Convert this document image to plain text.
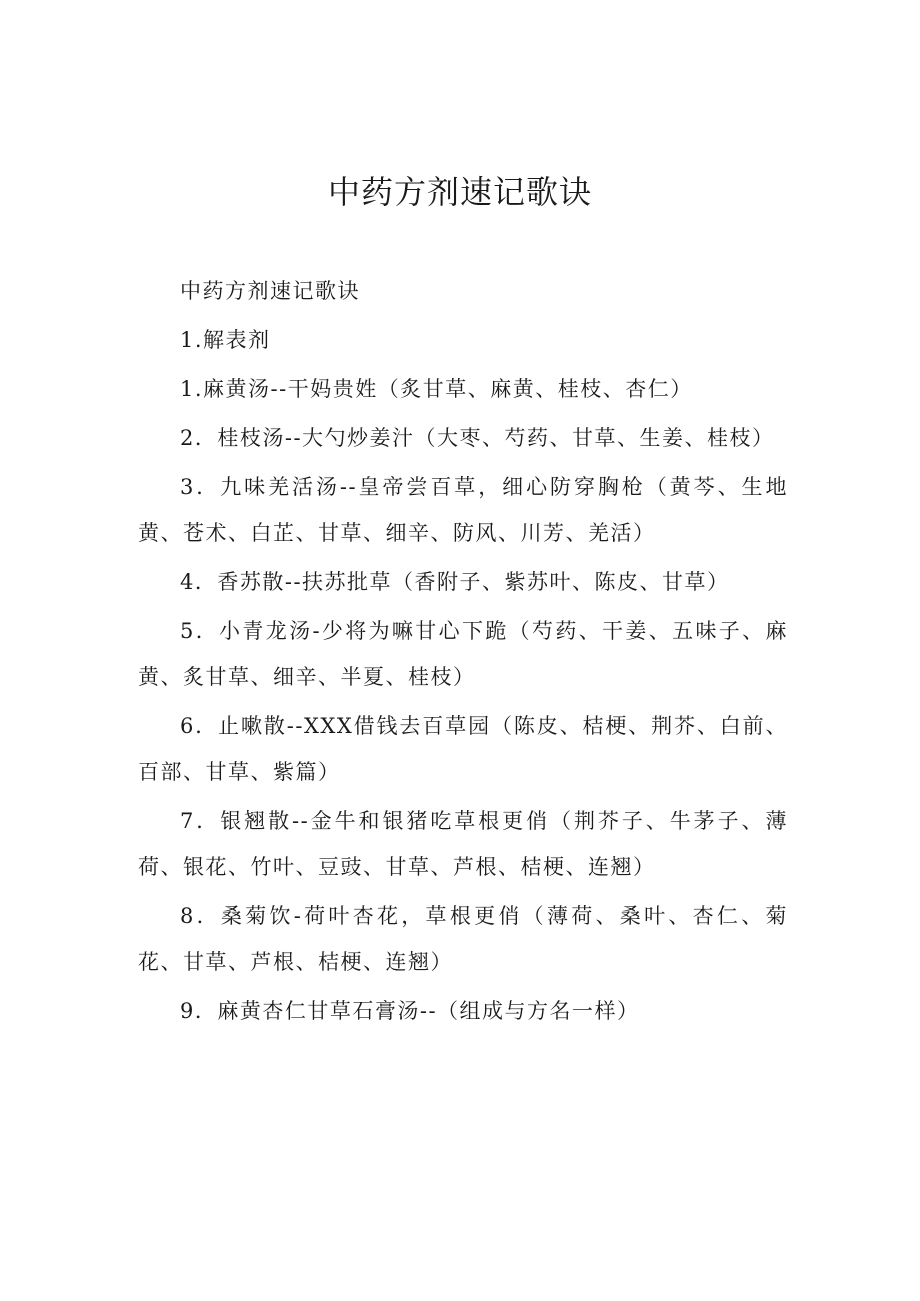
中药方剂速记歌诀

中药方剂速记歌诀

1.解表剂

1.麻黄汤--干妈贵姓（炙甘草、麻黄、桂枝、杏仁）

2．桂枝汤--大勺炒姜汁（大枣、芍药、甘草、生姜、桂枝）

3．九味羌活汤--皇帝尝百草，细心防穿胸枪（黄芩、生地黄、苍术、白芷、甘草、细辛、防风、川芳、羌活）

4．香苏散--扶苏批草（香附子、紫苏叶、陈皮、甘草）

5．小青龙汤-少将为嘛甘心下跪（芍药、干姜、五味子、麻黄、炙甘草、细辛、半夏、桂枝）

6．止嗽散--XXX借钱去百草园（陈皮、桔梗、荆芥、白前、百部、甘草、紫篇）

7．银翘散--金牛和银猪吃草根更俏（荆芥子、牛茅子、薄荷、银花、竹叶、豆豉、甘草、芦根、桔梗、连翘）

8．桑菊饮-荷叶杏花，草根更俏（薄荷、桑叶、杏仁、菊花、甘草、芦根、桔梗、连翘）

9．麻黄杏仁甘草石膏汤--（组成与方名一样）
